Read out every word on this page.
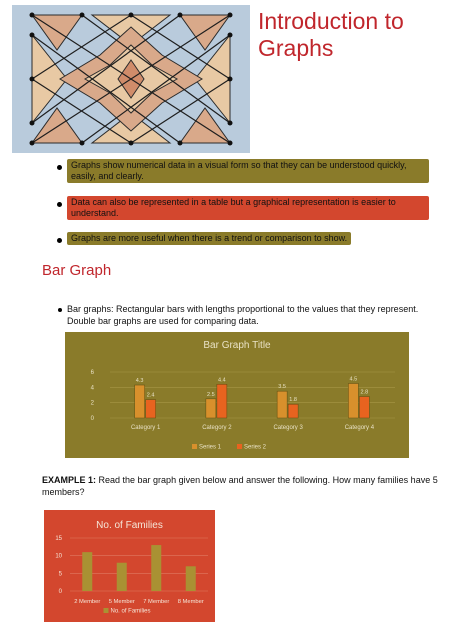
Introduction to
Graphs
Graphs show numerical data in a visual form so that they can be understood quickly, easily, and clearly.
Data can also be represented in a table but a graphical representation is easier to understand.
Graphs are more useful when there is a trend or comparison to show.
Bar Graph
Bar graphs: Rectangular bars with lengths proportional to the values that they represent. Double bar graphs are used for comparing data.
Bar Graph Title
0
2
4
6
4.3
2.4
Category 1
2.5
4.4
Category 2
3.5
1.8
Category 3
4.5
2.8
Category 4
Series 1	Series 2
EXAMPLE 1: Read the bar graph given below and answer the following. How many families have 5 members?
No. of Families
0
5
10
15
2 Member 5 Member 7 Member 8 Member
No. of Families
